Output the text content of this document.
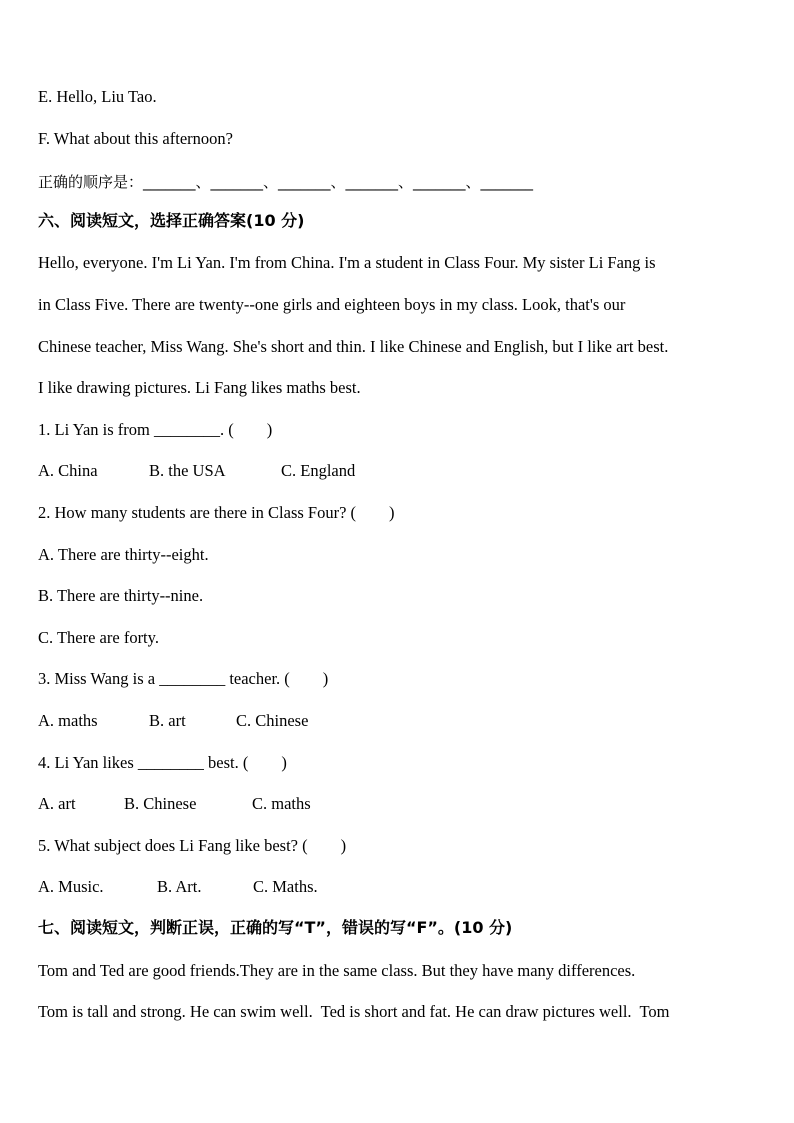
E. Hello, Liu Tao.
F. What about this afternoon?
正确的顺序是：_______、_______、_______、_______、_______、_______
六、阅读短文，选择正确答案(10 分)
Hello, everyone. I'm Li Yan. I'm from China. I'm a student in Class Four. My sister Li Fang is
in Class Five. There are twenty--one girls and eighteen boys in my class. Look, that's our
Chinese teacher, Miss Wang. She's short and thin. I like Chinese and English, but I like art best.
I like drawing pictures. Li Fang likes maths best.
1. Li Yan is from ________. (        )
A. China	B. the USA	C. England
2. How many students are there in Class Four? (        )
A. There are thirty--eight.
B. There are thirty--nine.
C. There are forty.
3. Miss Wang is a ________ teacher. (        )
A. maths	B. art	C. Chinese
4. Li Yan likes ________ best. (        )
A. art	B. Chinese	C. maths
5. What subject does Li Fang like best? (        )
A. Music.	B. Art.	C. Maths.
七、阅读短文，判断正误，正确的写“T”，错误的写“F”。(10 分)
Tom and Ted are good friends.They are in the same class. But they have many differences.
Tom is tall and strong. He can swim well.  Ted is short and fat. He can draw pictures well.  Tom
